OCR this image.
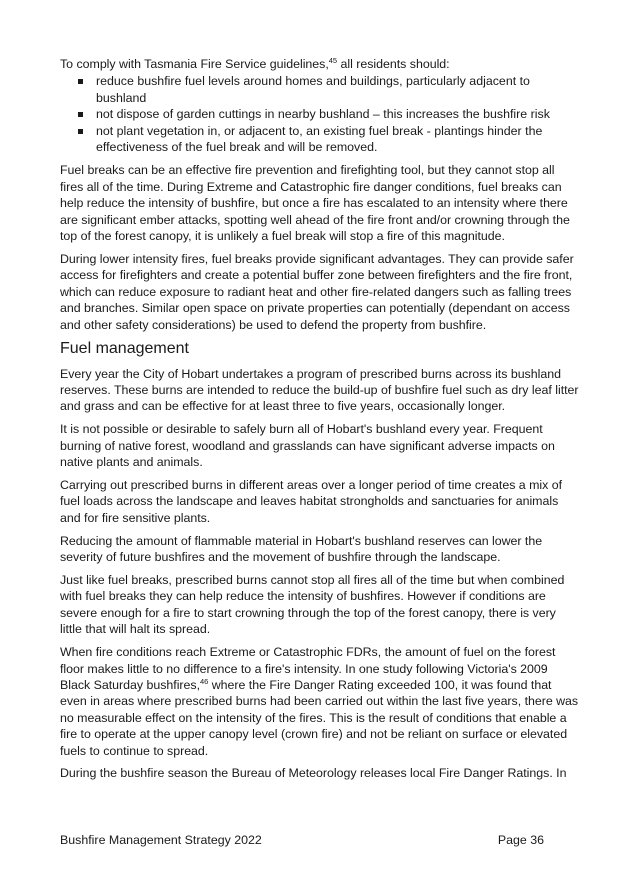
To comply with Tasmania Fire Service guidelines,$^{45}$ all residents should:

reduce bushfire fuel levels around homes and buildings, particularly adjacent to bushland
not dispose of garden cuttings in nearby bushland – this increases the bushfire risk
not plant vegetation in, or adjacent to, an existing fuel break - plantings hinder the effectiveness of the fuel break and will be removed.

Fuel breaks can be an effective fire prevention and firefighting tool, but they cannot stop all fires all of the time. During Extreme and Catastrophic fire danger conditions, fuel breaks can help reduce the intensity of bushfire, but once a fire has escalated to an intensity where there are significant ember attacks, spotting well ahead of the fire front and/or crowning through the top of the forest canopy, it is unlikely a fuel break will stop a fire of this magnitude.

During lower intensity fires, fuel breaks provide significant advantages. They can provide safer access for firefighters and create a potential buffer zone between firefighters and the fire front, which can reduce exposure to radiant heat and other fire-related dangers such as falling trees and branches. Similar open space on private properties can potentially (dependant on access and other safety considerations) be used to defend the property from bushfire.

Fuel management

Every year the City of Hobart undertakes a program of prescribed burns across its bushland reserves. These burns are intended to reduce the build-up of bushfire fuel such as dry leaf litter and grass and can be effective for at least three to five years, occasionally longer.

It is not possible or desirable to safely burn all of Hobart's bushland every year. Frequent burning of native forest, woodland and grasslands can have significant adverse impacts on native plants and animals.

Carrying out prescribed burns in different areas over a longer period of time creates a mix of fuel loads across the landscape and leaves habitat strongholds and sanctuaries for animals and for fire sensitive plants.

Reducing the amount of flammable material in Hobart's bushland reserves can lower the severity of future bushfires and the movement of bushfire through the landscape.

Just like fuel breaks, prescribed burns cannot stop all fires all of the time but when combined with fuel breaks they can help reduce the intensity of bushfires. However if conditions are severe enough for a fire to start crowning through the top of the forest canopy, there is very little that will halt its spread.

When fire conditions reach Extreme or Catastrophic FDRs, the amount of fuel on the forest floor makes little to no difference to a fire's intensity. In one study following Victoria's 2009 Black Saturday bushfires,$^{46}$ where the Fire Danger Rating exceeded 100, it was found that even in areas where prescribed burns had been carried out within the last five years, there was no measurable effect on the intensity of the fires. This is the result of conditions that enable a fire to operate at the upper canopy level (crown fire) and not be reliant on surface or elevated fuels to continue to spread.

During the bushfire season the Bureau of Meteorology releases local Fire Danger Ratings. In

Bushfire Management Strategy 2022	Page 36
